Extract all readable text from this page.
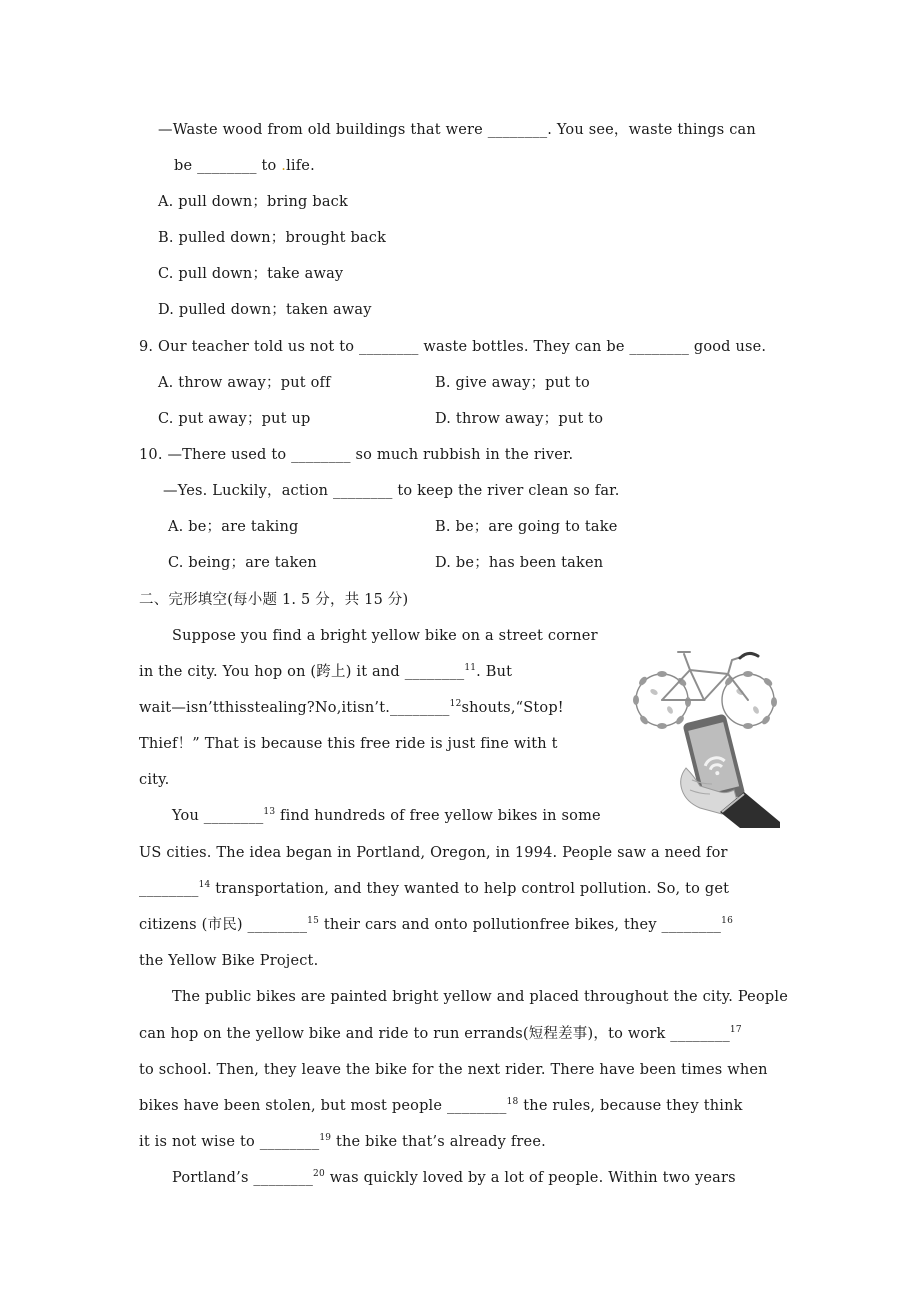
—Waste wood from old buildings that were ________. You see，waste things can
be ________ to .life.
A. pull down；bring back
B. pulled down；brought back
C. pull down；take away
D. pulled down；taken away
9. Our teacher told us not to ________ waste bottles. They can be ________ good use.
A. throw away；put off	B. give away；put to
C. put away；put up	D. throw away；put to
10. —There used to ________ so much rubbish in the river.
—Yes. Luckily，action ________ to keep the river clean so far.
A. be；are taking	B. be；are going to take
C. being；are taken	D. be；has been taken
二、完形填空(每小题 1. 5 分，共 15 分)
Suppose you find a bright yellow bike on a street corner
in the city. You hop on (跨上) it and ________$^{11}$. But
wait—isn’tthisstealing?No,itisn’t.________$^{12}$shouts,“Stop!
Thief！” That is because this free ride is just fine with t
city.
You ________$^{13}$ find hundreds of free yellow bikes in some
US cities. The idea began in Portland, Oregon, in 1994. People saw a need for
________$^{14}$ transportation, and they wanted to help control pollution. So, to get
citizens (市民) ________$^{15}$ their cars and onto pollutionfree bikes, they ________$^{16}$
the Yellow Bike Project.
The public bikes are painted bright yellow and placed throughout the city. People
can hop on the yellow bike and ride to run errands(短程差事)，to work ________$^{17}$
to school. Then, they leave the bike for the next rider. There have been times when
bikes have been stolen, but most people ________$^{18}$ the rules, because they think
it is not wise to ________$^{19}$ the bike that’s already free.
Portland’s ________$^{20}$ was quickly loved by a lot of people. Within two years
